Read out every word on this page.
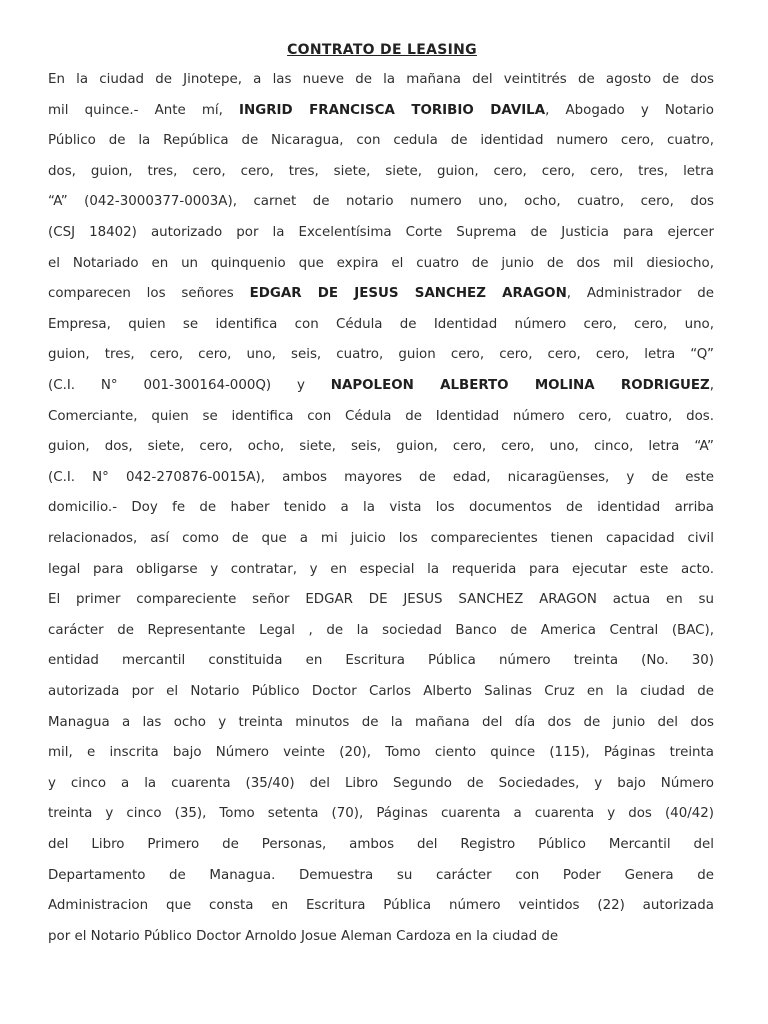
CONTRATO DE LEASING
En la ciudad de Jinotepe, a las nueve de la mañana del veintitrés de agosto de dos
mil quince.- Ante mí, INGRID FRANCISCA TORIBIO DAVILA, Abogado y Notario
Público de la República de Nicaragua, con cedula de identidad numero cero, cuatro,
dos, guion, tres, cero, cero, tres, siete, siete, guion, cero, cero, cero, tres, letra
“A” (042-3000377-0003A), carnet de notario numero uno, ocho, cuatro, cero, dos
(CSJ 18402) autorizado por la Excelentísima Corte Suprema de Justicia para ejercer
el Notariado en un quinquenio que expira el cuatro de junio de dos mil diesiocho,
comparecen los señores EDGAR DE JESUS SANCHEZ ARAGON, Administrador de
Empresa, quien se identifica con Cédula de Identidad número cero, cero, uno,
guion, tres, cero, cero, uno, seis, cuatro, guion cero, cero, cero, cero, letra “Q”
(C.I. N° 001-300164-000Q) y NAPOLEON ALBERTO MOLINA RODRIGUEZ,
Comerciante, quien se identifica con Cédula de Identidad número cero, cuatro, dos.
guion, dos, siete, cero, ocho, siete, seis, guion, cero, cero, uno, cinco, letra “A”
(C.I. N° 042-270876-0015A), ambos mayores de edad, nicaragüenses, y de este
domicilio.- Doy fe de haber tenido a la vista los documentos de identidad arriba
relacionados, así como de que a mi juicio los comparecientes tienen capacidad civil
legal para obligarse y contratar, y en especial la requerida para ejecutar este acto.
El primer compareciente señor EDGAR DE JESUS SANCHEZ ARAGON actua en su
carácter de Representante Legal , de la sociedad Banco de America Central (BAC),
entidad mercantil constituida en Escritura Pública número treinta (No. 30)
autorizada por el Notario Público Doctor Carlos Alberto Salinas Cruz en la ciudad de
Managua a las ocho y treinta minutos de la mañana del día dos de junio del dos
mil, e inscrita bajo Número veinte (20), Tomo ciento quince (115), Páginas treinta
y cinco a la cuarenta (35/40) del Libro Segundo de Sociedades, y bajo Número
treinta y cinco (35), Tomo setenta (70), Páginas cuarenta a cuarenta y dos (40/42)
del Libro Primero de Personas, ambos del Registro Público Mercantil del
Departamento de Managua. Demuestra su carácter con Poder Genera de
Administracion que consta en Escritura Pública número veintidos (22) autorizada
por el Notario Público Doctor Arnoldo Josue Aleman Cardoza en la ciudad de
